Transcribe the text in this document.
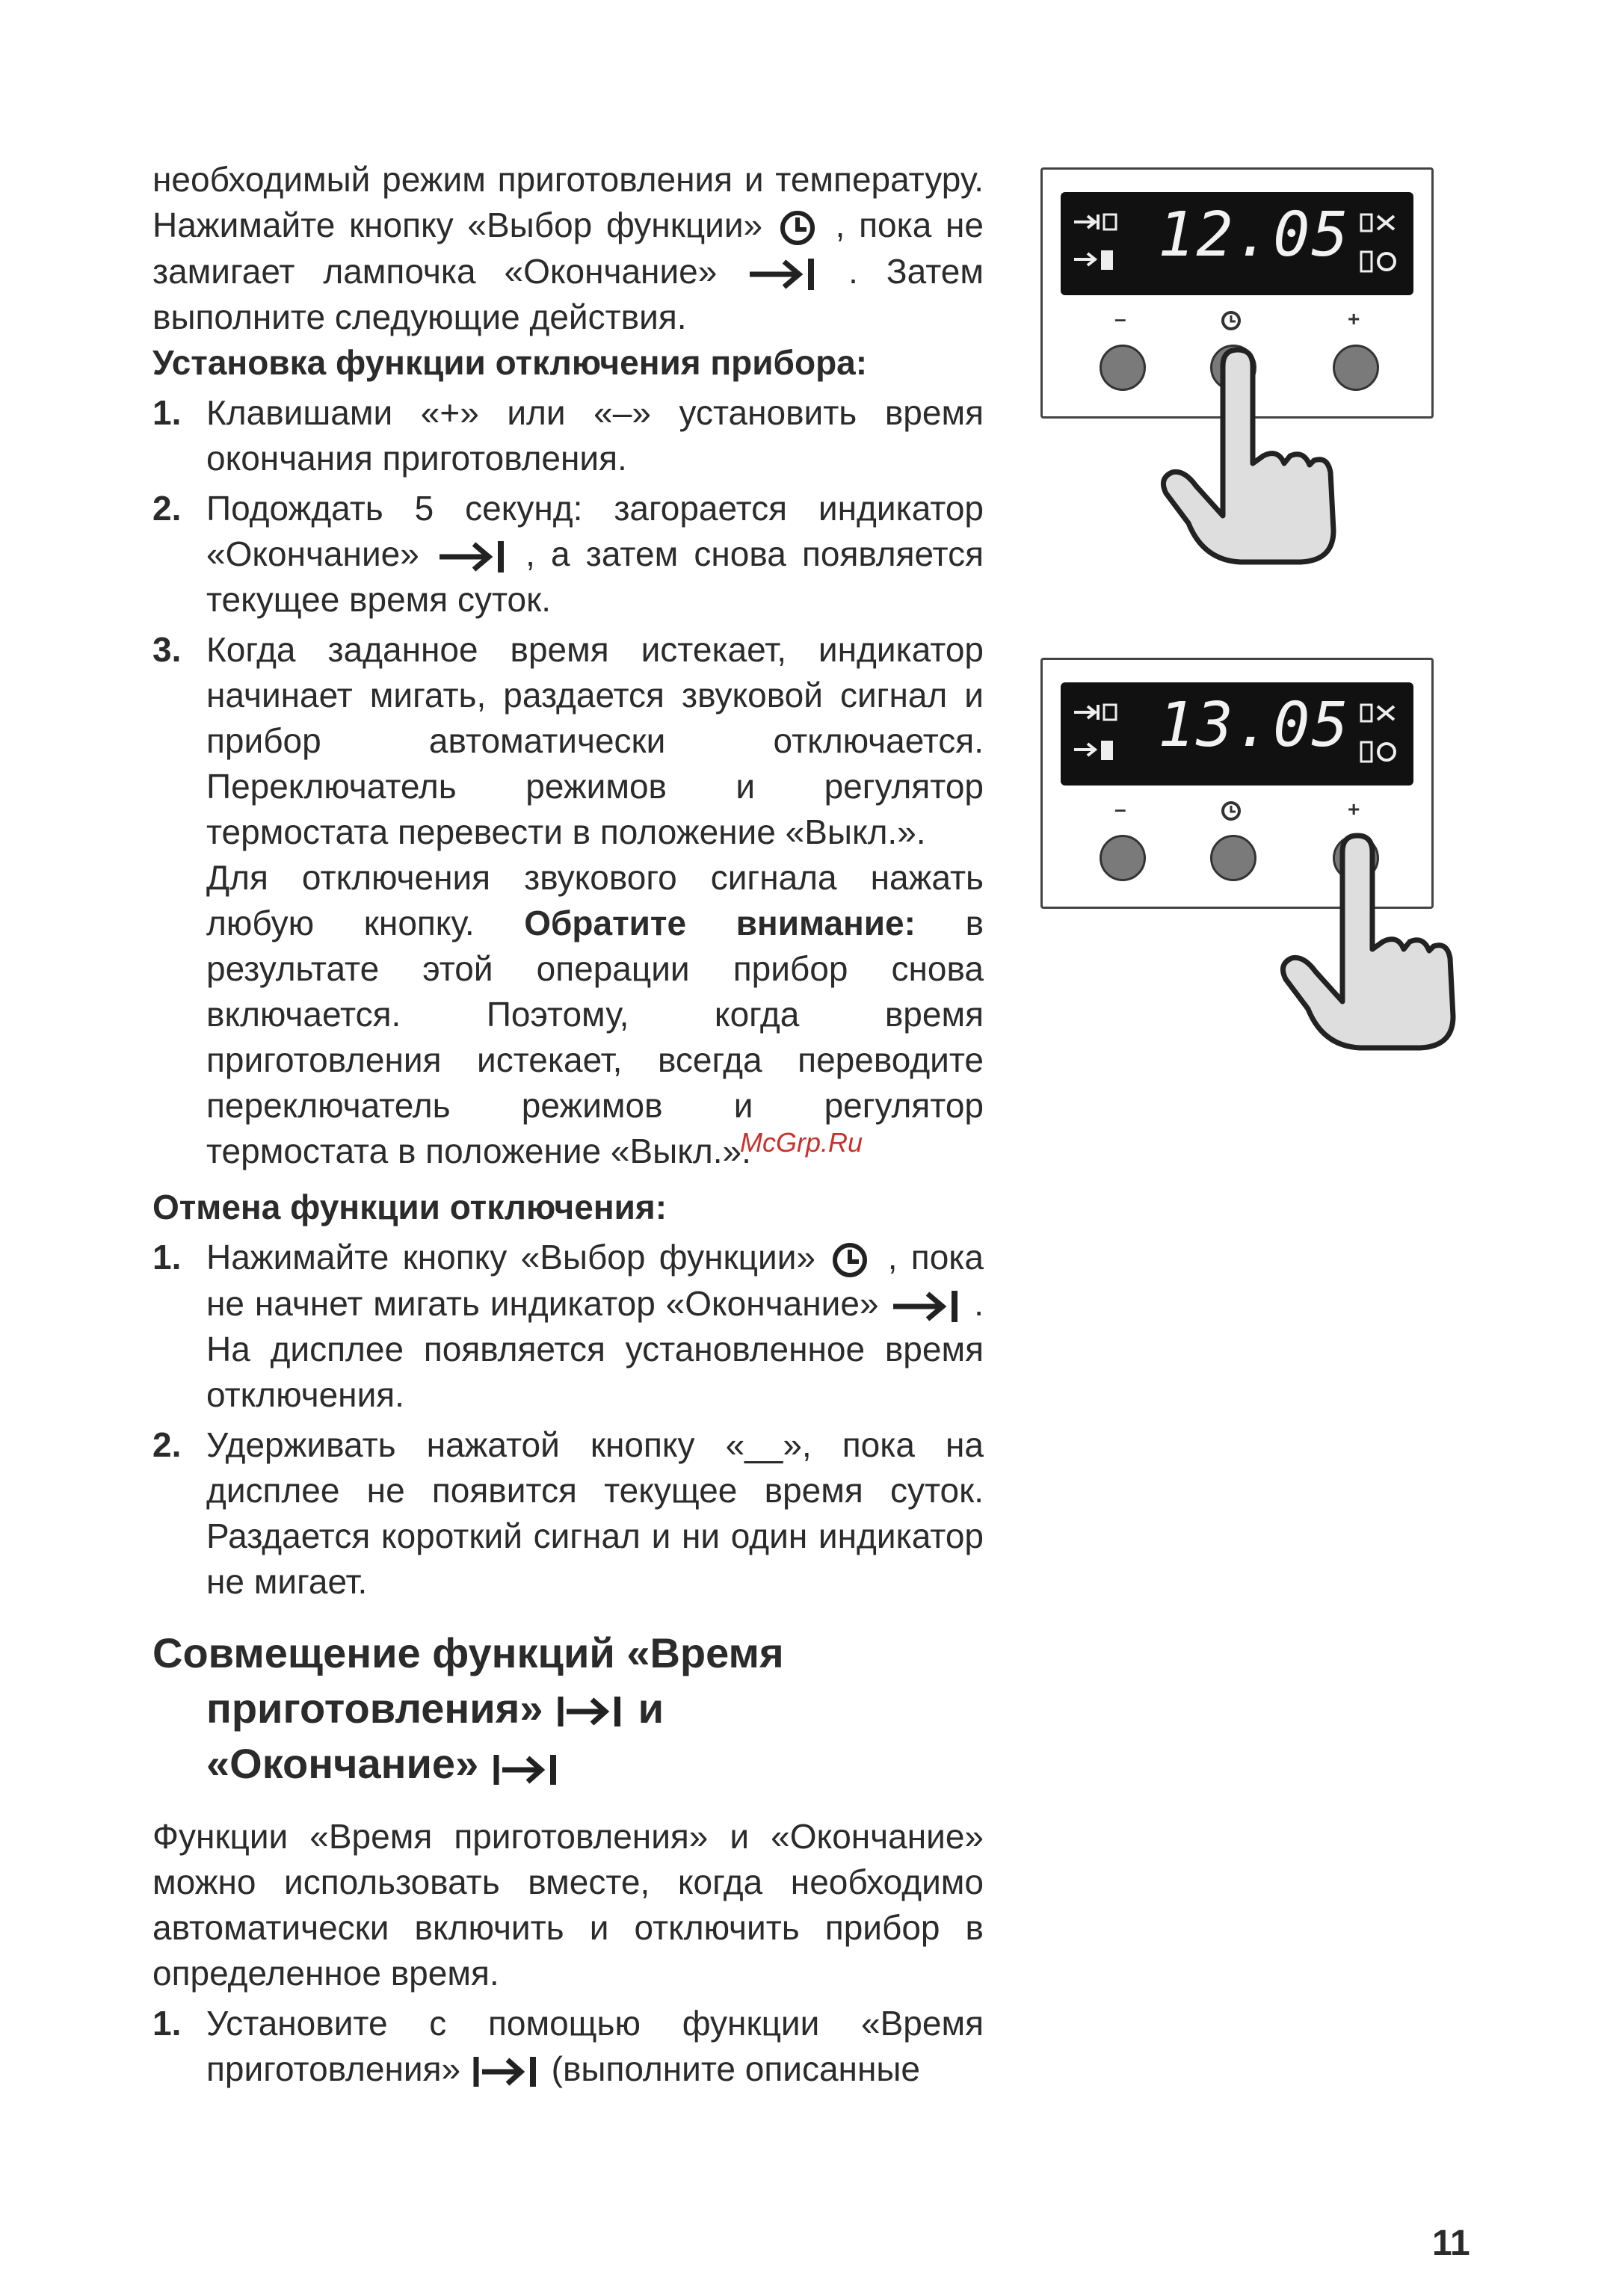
необходимый режим приготовления и температуру. Нажимайте кнопку «Выбор функции» , пока не замигает лампочка «Окончание»	. Затем выполните следующие действия.

Установка функции отключения прибора:

1. Клавишами «+» или «–» установить время окончания приготовления.
2. Подождать 5 секунд: загорается индикатор «Окончание»	, а затем снова появляется текущее время суток.
3. Когда заданное время истекает, индикатор начинает мигать, раздается звуковой сигнал и прибор автоматически отключается. Переключатель режимов и регулятор термостата перевести в положение «Выкл.».
Для отключения звукового сигнала нажать любую кнопку. Обратите внимание: в результате этой операции прибор снова включается. Поэтому, когда время приготовления истекает, всегда переводите переключатель режимов и регулятор термостата в положение «Выкл.».

Отмена функции отключения:

1. Нажимайте кнопку «Выбор функции» , пока не начнет мигать индикатор «Окончание»	. На дисплее появляется установленное время отключения.
2. Удерживать нажатой кнопку «__», пока на дисплее не появится текущее время суток. Раздается короткий сигнал и ни один индикатор не мигает.
Совмещение функций «Время
приготовления» и
«Окончание»

Функции «Время приготовления» и «Окончание» можно использовать вместе, когда необходимо автоматически включить и отключить прибор в определенное время.

1. Установите с помощью функции «Время приготовления»	(выполните описанные
McGrp.Ru
12.05
–	+
13.05
–	+
11
